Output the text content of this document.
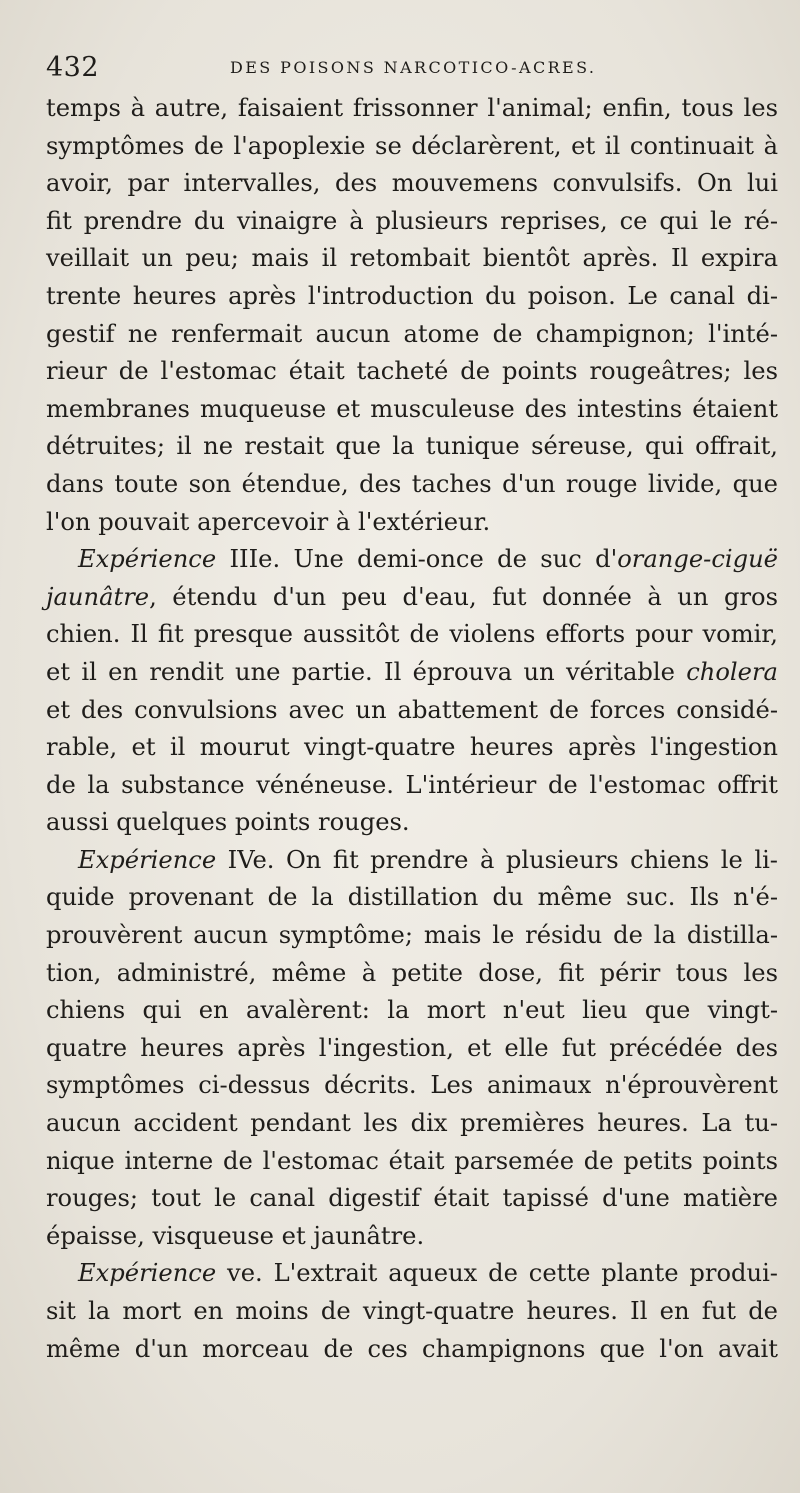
432	DES POISONS NARCOTICO-ACRES.
temps à autre, faisaient frissonner l'animal; enfin, tous les
symptômes de l'apoplexie se déclarèrent, et il continuait à
avoir, par intervalles, des mouvemens convulsifs. On lui
fit prendre du vinaigre à plusieurs reprises, ce qui le ré-
veillait un peu; mais il retombait bientôt après. Il expira
trente heures après l'introduction du poison. Le canal di-
gestif ne renfermait aucun atome de champignon; l'inté-
rieur de l'estomac était tacheté de points rougeâtres; les
membranes muqueuse et musculeuse des intestins étaient
détruites; il ne restait que la tunique séreuse, qui offrait,
dans toute son étendue, des taches d'un rouge livide, que
l'on pouvait apercevoir à l'extérieur.
Expérience IIIe. Une demi-once de suc d'orange-ciguë
jaunâtre, étendu d'un peu d'eau, fut donnée à un gros
chien. Il fit presque aussitôt de violens efforts pour vomir,
et il en rendit une partie. Il éprouva un véritable cholera
et des convulsions avec un abattement de forces considé-
rable, et il mourut vingt-quatre heures après l'ingestion
de la substance vénéneuse. L'intérieur de l'estomac offrit
aussi quelques points rouges.
Expérience IVe. On fit prendre à plusieurs chiens le li-
quide provenant de la distillation du même suc. Ils n'é-
prouvèrent aucun symptôme; mais le résidu de la distilla-
tion, administré, même à petite dose, fit périr tous les
chiens qui en avalèrent: la mort n'eut lieu que vingt-
quatre heures après l'ingestion, et elle fut précédée des
symptômes ci-dessus décrits. Les animaux n'éprouvèrent
aucun accident pendant les dix premières heures. La tu-
nique interne de l'estomac était parsemée de petits points
rouges; tout le canal digestif était tapissé d'une matière
épaisse, visqueuse et jaunâtre.
Expérience ve. L'extrait aqueux de cette plante produi-
sit la mort en moins de vingt-quatre heures. Il en fut de
même d'un morceau de ces champignons que l'on avait
